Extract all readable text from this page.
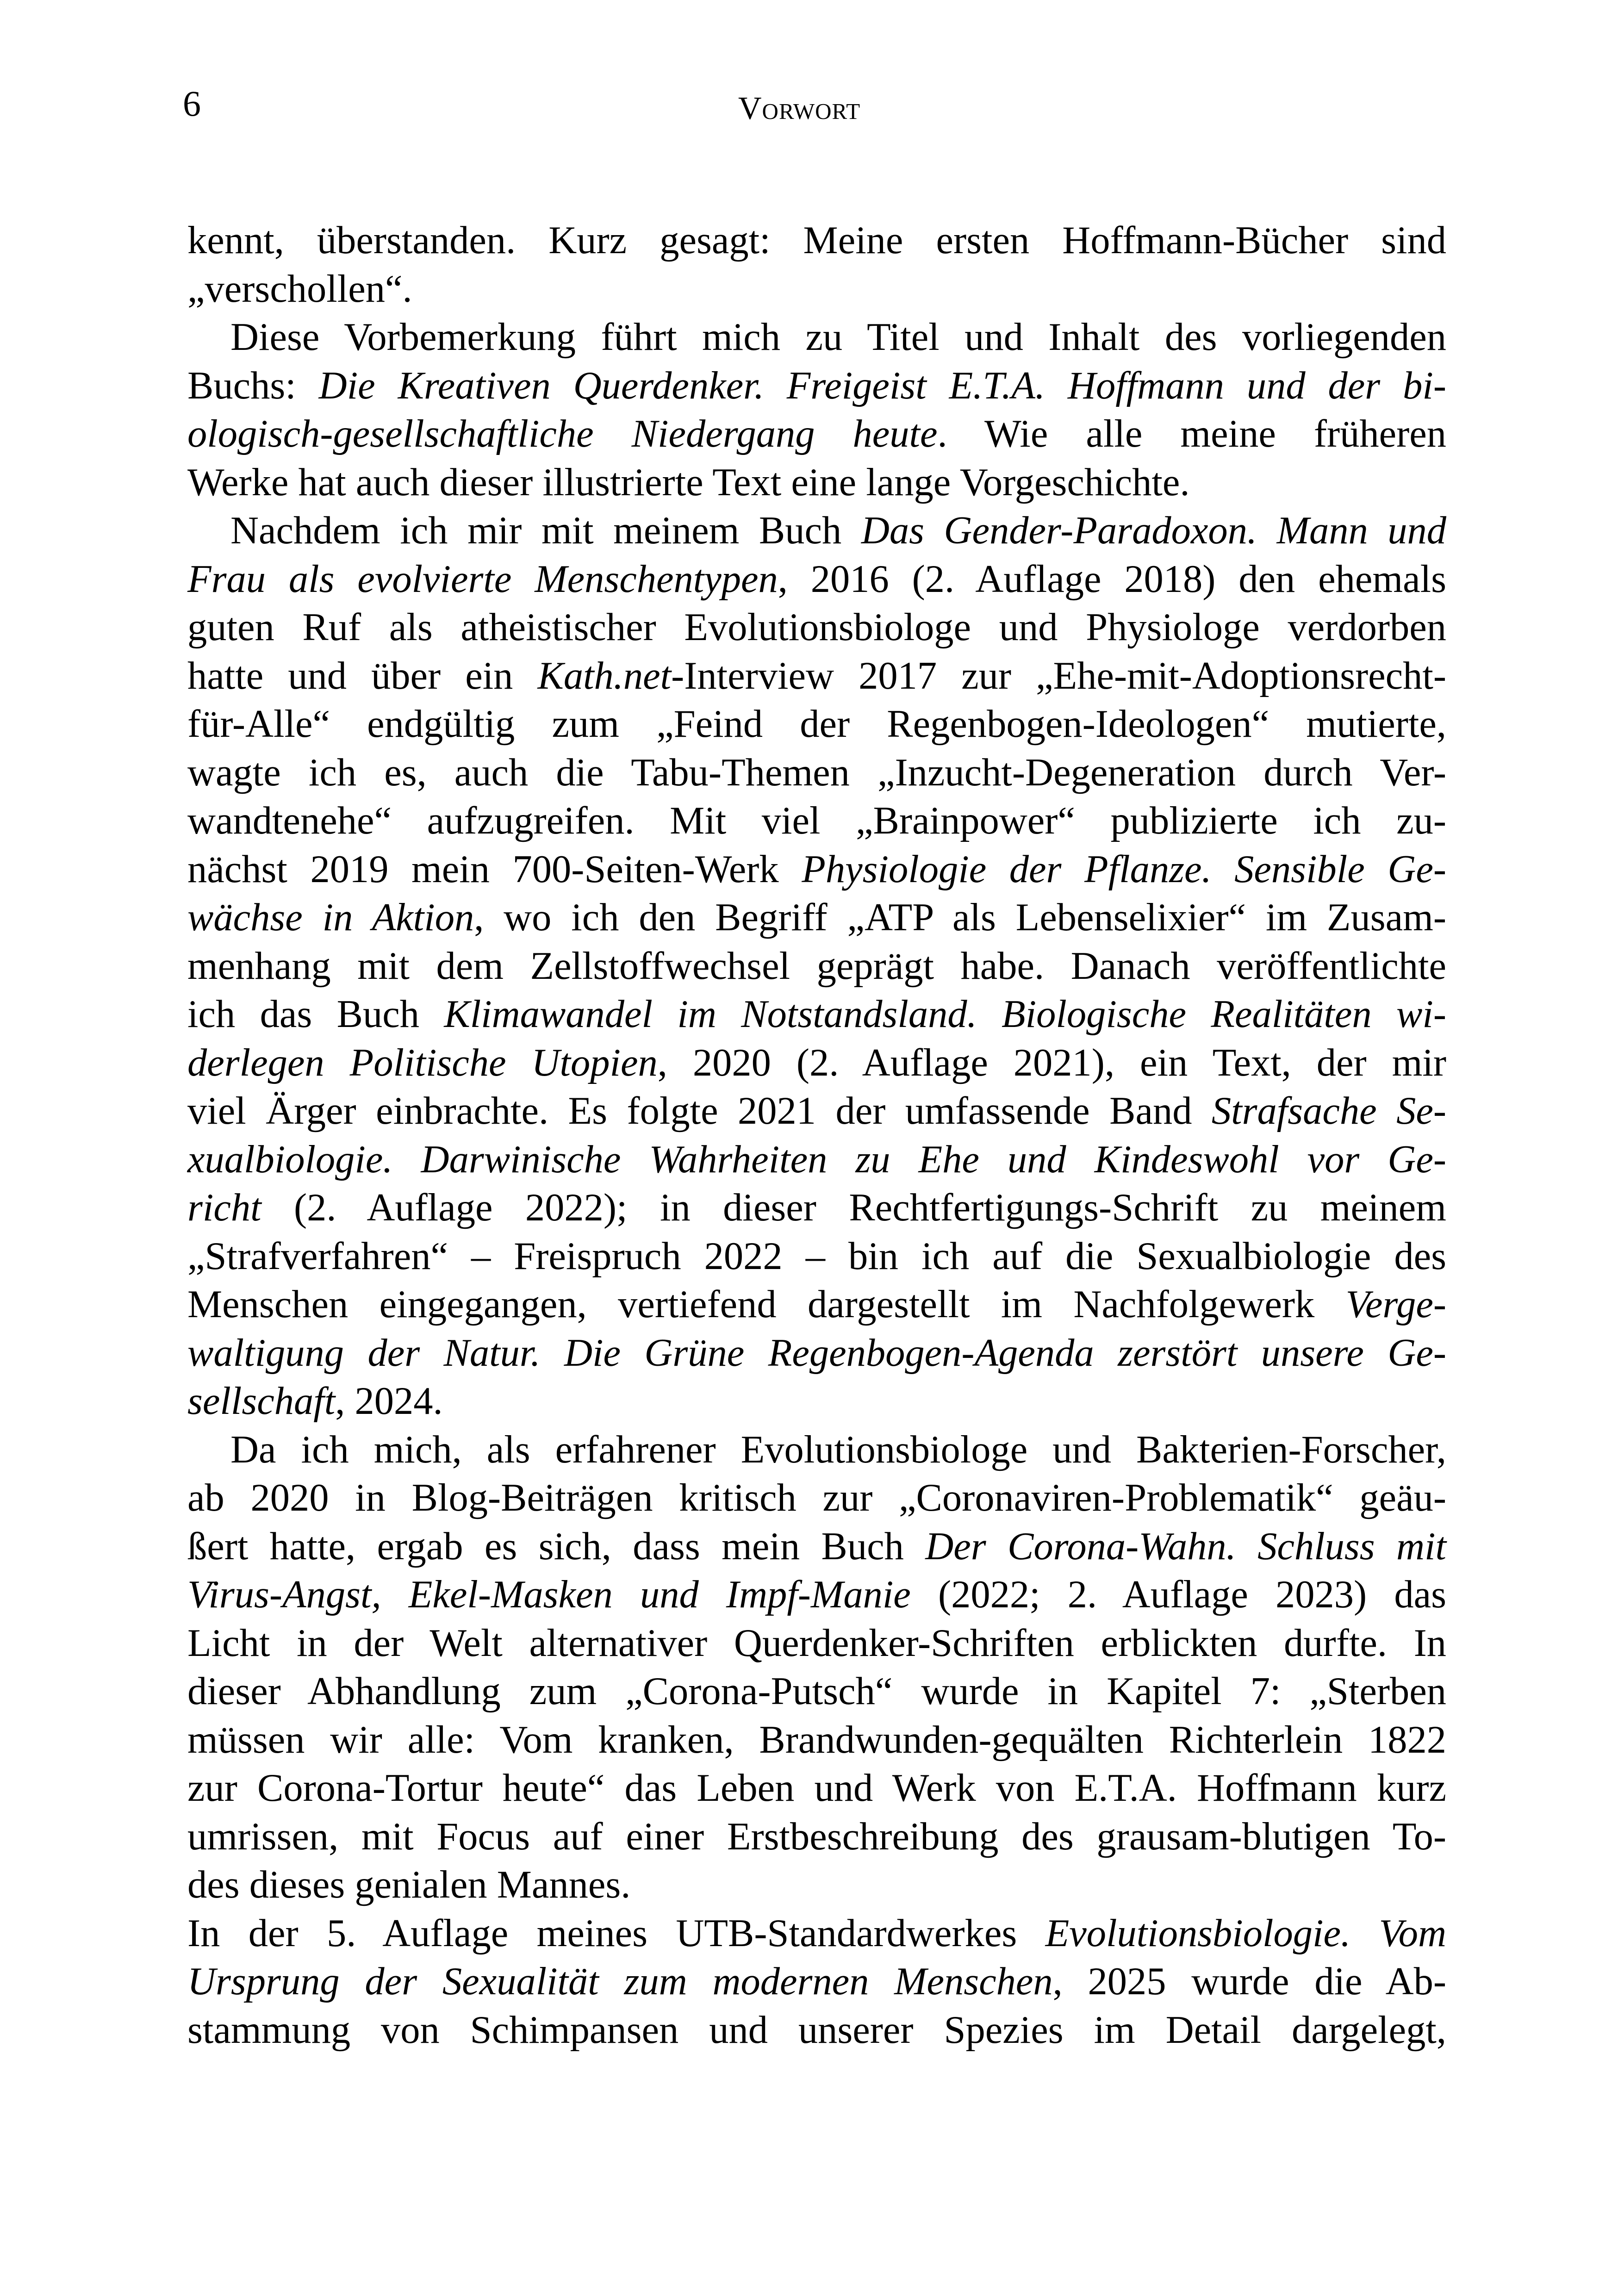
6	Vorwort
kennt, überstanden. Kurz gesagt: Meine ersten Hoffmann-Bücher sind
„verschollen“.
Diese Vorbemerkung führt mich zu Titel und Inhalt des vorliegenden
Buchs: Die Kreativen Querdenker. Freigeist E.T.A. Hoffmann und der bi-
ologisch-gesellschaftliche Niedergang heute. Wie alle meine früheren
Werke hat auch dieser illustrierte Text eine lange Vorgeschichte.
Nachdem ich mir mit meinem Buch Das Gender-Paradoxon. Mann und
Frau als evolvierte Menschentypen, 2016 (2. Auflage 2018) den ehemals
guten Ruf als atheistischer Evolutionsbiologe und Physiologe verdorben
hatte und über ein Kath.net-Interview 2017 zur „Ehe-mit-Adoptionsrecht-
für-Alle“ endgültig zum „Feind der Regenbogen-Ideologen“ mutierte,
wagte ich es, auch die Tabu-Themen „Inzucht-Degeneration durch Ver-
wandtenehe“ aufzugreifen. Mit viel „Brainpower“ publizierte ich zu-
nächst 2019 mein 700-Seiten-Werk Physiologie der Pflanze. Sensible Ge-
wächse in Aktion, wo ich den Begriff „ATP als Lebenselixier“ im Zusam-
menhang mit dem Zellstoffwechsel geprägt habe. Danach veröffentlichte
ich das Buch Klimawandel im Notstandsland. Biologische Realitäten wi-
derlegen Politische Utopien, 2020 (2. Auflage 2021), ein Text, der mir
viel Ärger einbrachte. Es folgte 2021 der umfassende Band Strafsache Se-
xualbiologie. Darwinische Wahrheiten zu Ehe und Kindeswohl vor Ge-
richt (2. Auflage 2022); in dieser Rechtfertigungs-Schrift zu meinem
„Strafverfahren“ – Freispruch 2022 – bin ich auf die Sexualbiologie des
Menschen eingegangen, vertiefend dargestellt im Nachfolgewerk Verge-
waltigung der Natur. Die Grüne Regenbogen-Agenda zerstört unsere Ge-
sellschaft, 2024.
Da ich mich, als erfahrener Evolutionsbiologe und Bakterien-Forscher,
ab 2020 in Blog-Beiträgen kritisch zur „Coronaviren-Problematik“ geäu-
ßert hatte, ergab es sich, dass mein Buch Der Corona-Wahn. Schluss mit
Virus-Angst, Ekel-Masken und Impf-Manie (2022; 2. Auflage 2023) das
Licht in der Welt alternativer Querdenker-Schriften erblickten durfte. In
dieser Abhandlung zum „Corona-Putsch“ wurde in Kapitel 7: „Sterben
müssen wir alle: Vom kranken, Brandwunden-gequälten Richterlein 1822
zur Corona-Tortur heute“ das Leben und Werk von E.T.A. Hoffmann kurz
umrissen, mit Focus auf einer Erstbeschreibung des grausam-blutigen To-
des dieses genialen Mannes.
In der 5. Auflage meines UTB-Standardwerkes Evolutionsbiologie. Vom
Ursprung der Sexualität zum modernen Menschen, 2025 wurde die Ab-
stammung von Schimpansen und unserer Spezies im Detail dargelegt,
